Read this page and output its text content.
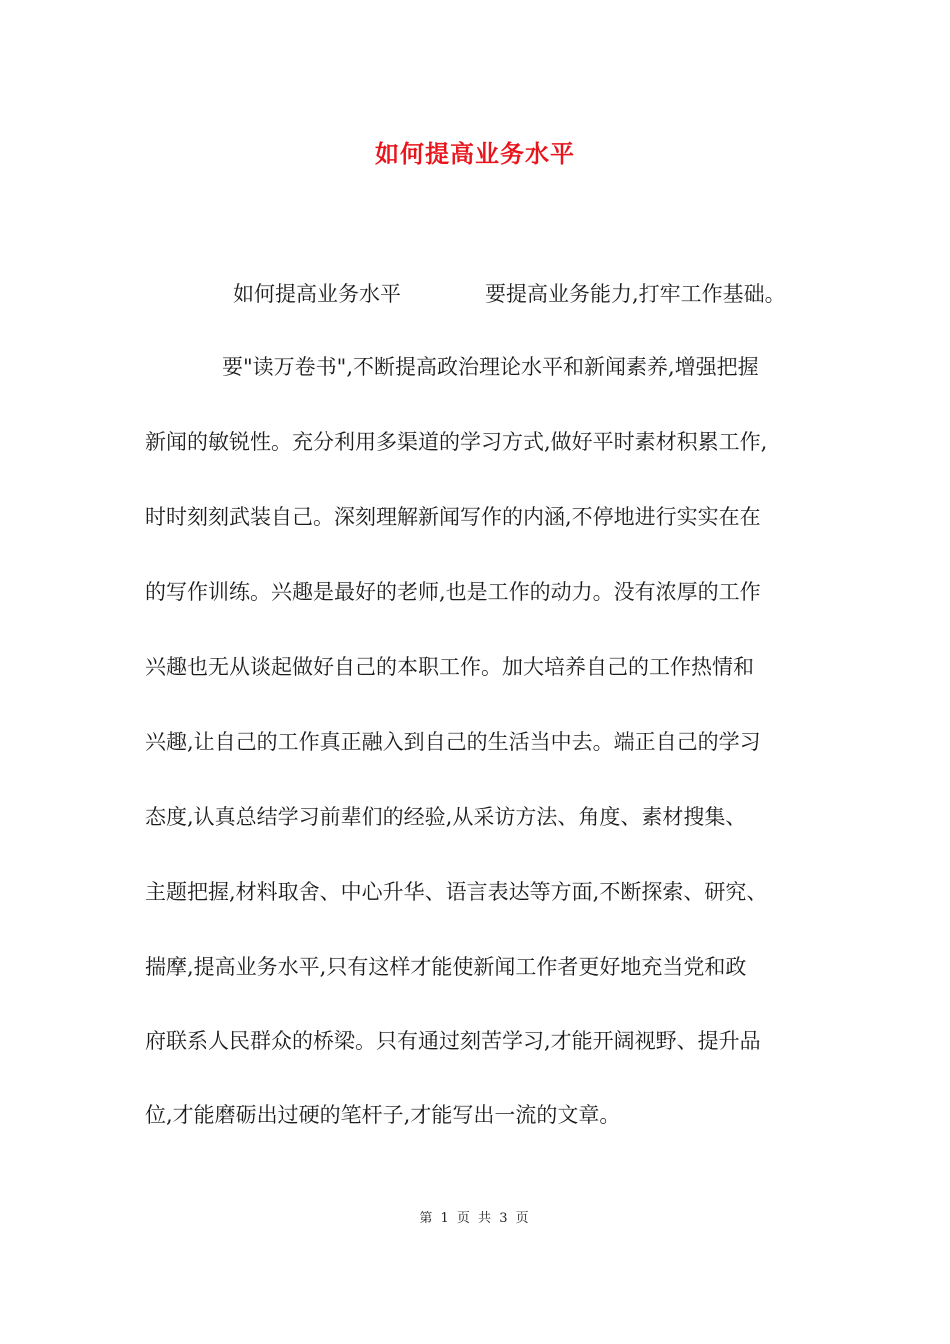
如何提高业务水平
如何提高业务水平　　　　要提高业务能力,打牢工作基础。
要"读万卷书",不断提高政治理论水平和新闻素养,增强把握
新闻的敏锐性。充分利用多渠道的学习方式,做好平时素材积累工作,
时时刻刻武装自己。深刻理解新闻写作的内涵,不停地进行实实在在
的写作训练。兴趣是最好的老师,也是工作的动力。没有浓厚的工作
兴趣也无从谈起做好自己的本职工作。加大培养自己的工作热情和
兴趣,让自己的工作真正融入到自己的生活当中去。端正自己的学习
态度,认真总结学习前辈们的经验,从采访方法、角度、素材搜集、
主题把握,材料取舍、中心升华、语言表达等方面,不断探索、研究、
揣摩,提高业务水平,只有这样才能使新闻工作者更好地充当党和政
府联系人民群众的桥梁。只有通过刻苦学习,才能开阔视野、提升品
位,才能磨砺出过硬的笔杆子,才能写出一流的文章。
第 1 页 共 3 页
